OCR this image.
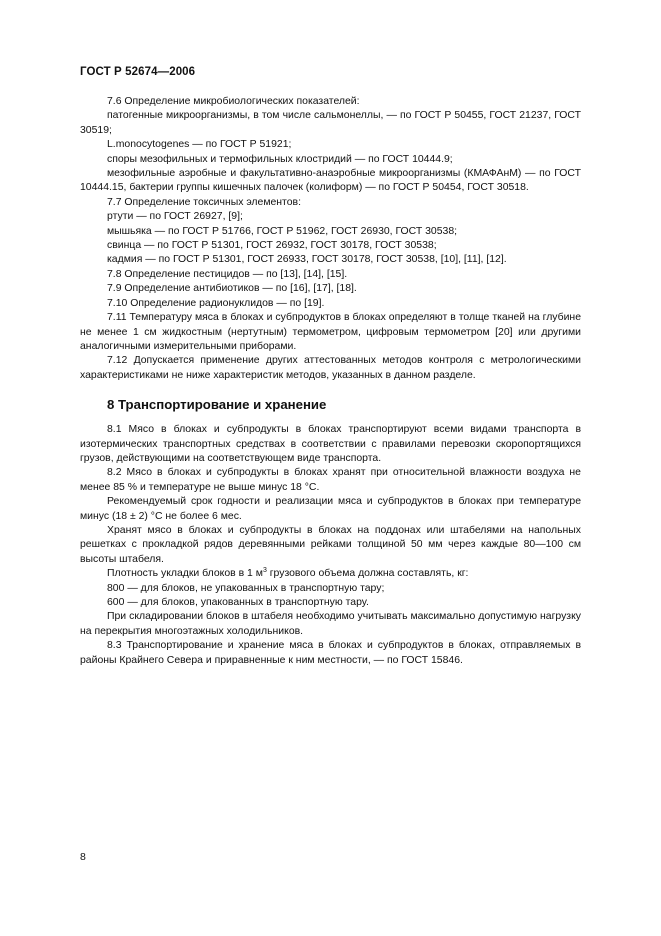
ГОСТ Р 52674—2006

7.6 Определение микробиологических показателей:

патогенные микроорганизмы, в том числе сальмонеллы, — по ГОСТ Р 50455, ГОСТ 21237, ГОСТ 30519;

L.monocytogenes — по ГОСТ Р 51921;

споры мезофильных и термофильных клостридий — по ГОСТ 10444.9;

мезофильные аэробные и факультативно-анаэробные микроорганизмы (КМАФАнМ) — по ГОСТ 10444.15, бактерии группы кишечных палочек (колиформ) — по ГОСТ Р 50454, ГОСТ 30518.

7.7 Определение токсичных элементов:

ртути — по ГОСТ 26927, [9];

мышьяка — по ГОСТ Р 51766, ГОСТ Р 51962, ГОСТ 26930, ГОСТ 30538;

свинца — по ГОСТ Р 51301, ГОСТ 26932, ГОСТ 30178, ГОСТ 30538;

кадмия — по ГОСТ Р 51301, ГОСТ 26933, ГОСТ 30178, ГОСТ 30538, [10], [11], [12].

7.8 Определение пестицидов — по [13], [14], [15].

7.9 Определение антибиотиков — по [16], [17], [18].

7.10 Определение радионуклидов — по [19].

7.11 Температуру мяса в блоках и субпродуктов в блоках определяют в толще тканей на глубине не менее 1 см жидкостным (нертутным) термометром, цифровым термометром [20] или другими аналогичными измерительными приборами.

7.12 Допускается применение других аттестованных методов контроля с метрологическими характеристиками не ниже характеристик методов, указанных в данном разделе.

8 Транспортирование и хранение

8.1 Мясо в блоках и субпродукты в блоках транспортируют всеми видами транспорта в изотермических транспортных средствах в соответствии с правилами перевозки скоропортящихся грузов, действующими на соответствующем виде транспорта.

8.2 Мясо в блоках и субпродукты в блоках хранят при относительной влажности воздуха не менее 85 % и температуре не выше минус 18 °С.

Рекомендуемый срок годности и реализации мяса и субпродуктов в блоках при температуре минус (18 ± 2) °С не более 6 мес.

Хранят мясо в блоках и субпродукты в блоках на поддонах или штабелями на напольных решетках с прокладкой рядов деревянными рейками толщиной 50 мм через каждые 80—100 см высоты штабеля.

Плотность укладки блоков в 1 $м^3$ грузового объема должна составлять, кг:

800 — для блоков, не упакованных в транспортную тару;

600 — для блоков, упакованных в транспортную тару.

При складировании блоков в штабеля необходимо учитывать максимально допустимую нагрузку на перекрытия многоэтажных холодильников.

8.3 Транспортирование и хранение мяса в блоках и субпродуктов в блоках, отправляемых в районы Крайнего Севера и приравненные к ним местности, — по ГОСТ 15846.

8
